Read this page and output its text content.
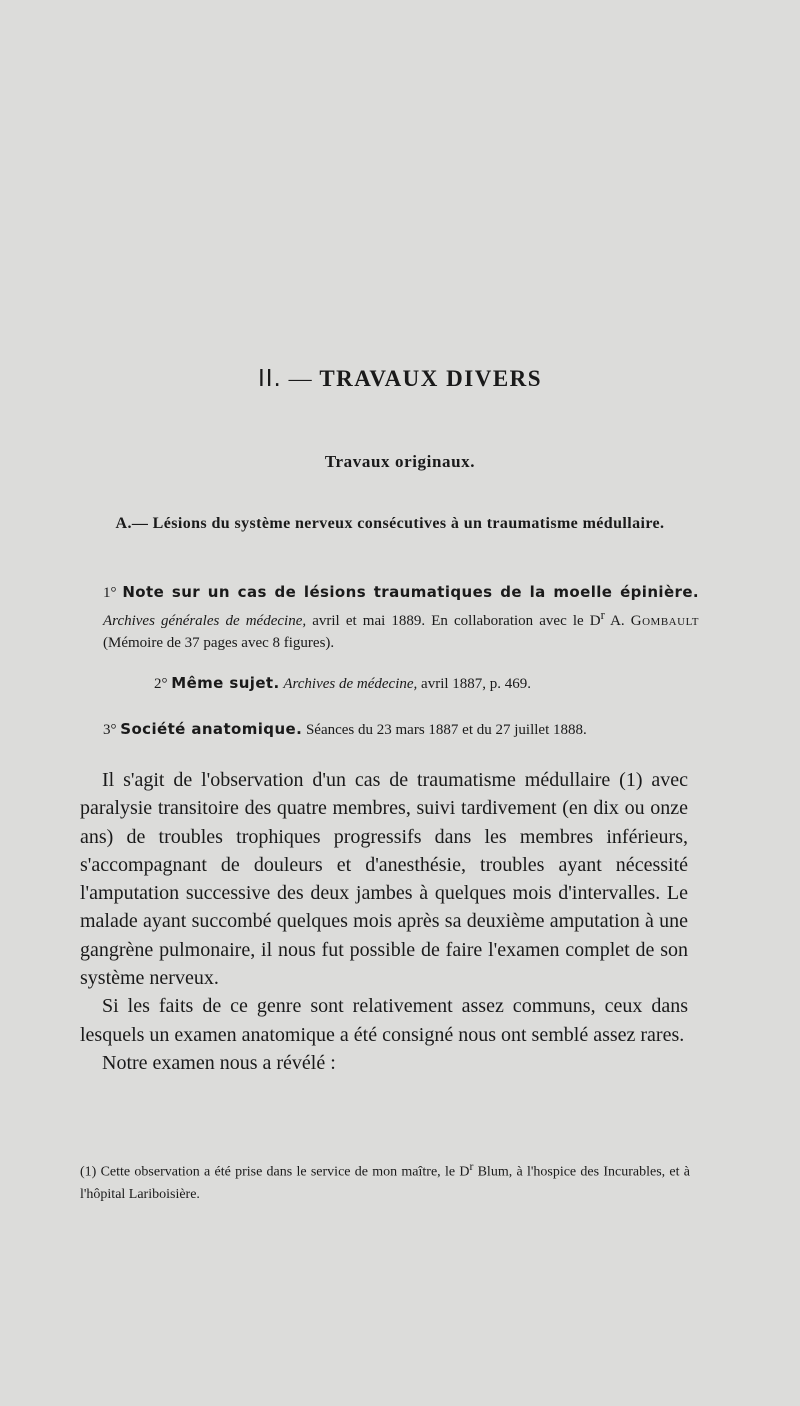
II. — TRAVAUX DIVERS
Travaux originaux.
A.— Lésions du système nerveux consécutives à un traumatisme médullaire.
1° Note sur un cas de lésions traumatiques de la moelle épinière. Archives générales de médecine, avril et mai 1889. En collaboration avec le $D^r$ A. Gombault (Mémoire de 37 pages avec 8 figures).
2° Même sujet. Archives de médecine, avril 1887, p. 469.
3° Société anatomique. Séances du 23 mars 1887 et du 27 juillet 1888.

Il s'agit de l'observation d'un cas de traumatisme médullaire (1) avec paralysie transitoire des quatre membres, suivi tardivement (en dix ou onze ans) de troubles trophiques progressifs dans les membres inférieurs, s'accompagnant de douleurs et d'anesthésie, troubles ayant nécessité l'amputation successive des deux jambes à quelques mois d'intervalles. Le malade ayant succombé quelques mois après sa deuxième amputation à une gangrène pulmonaire, il nous fut possible de faire l'examen complet de son système nerveux.

Si les faits de ce genre sont relativement assez communs, ceux dans lesquels un examen anatomique a été consigné nous ont semblé assez rares.

Notre examen nous a révélé :

(1) Cette observation a été prise dans le service de mon maître, le $D^r$ Blum, à l'hospice des Incurables, et à l'hôpital Lariboisière.
